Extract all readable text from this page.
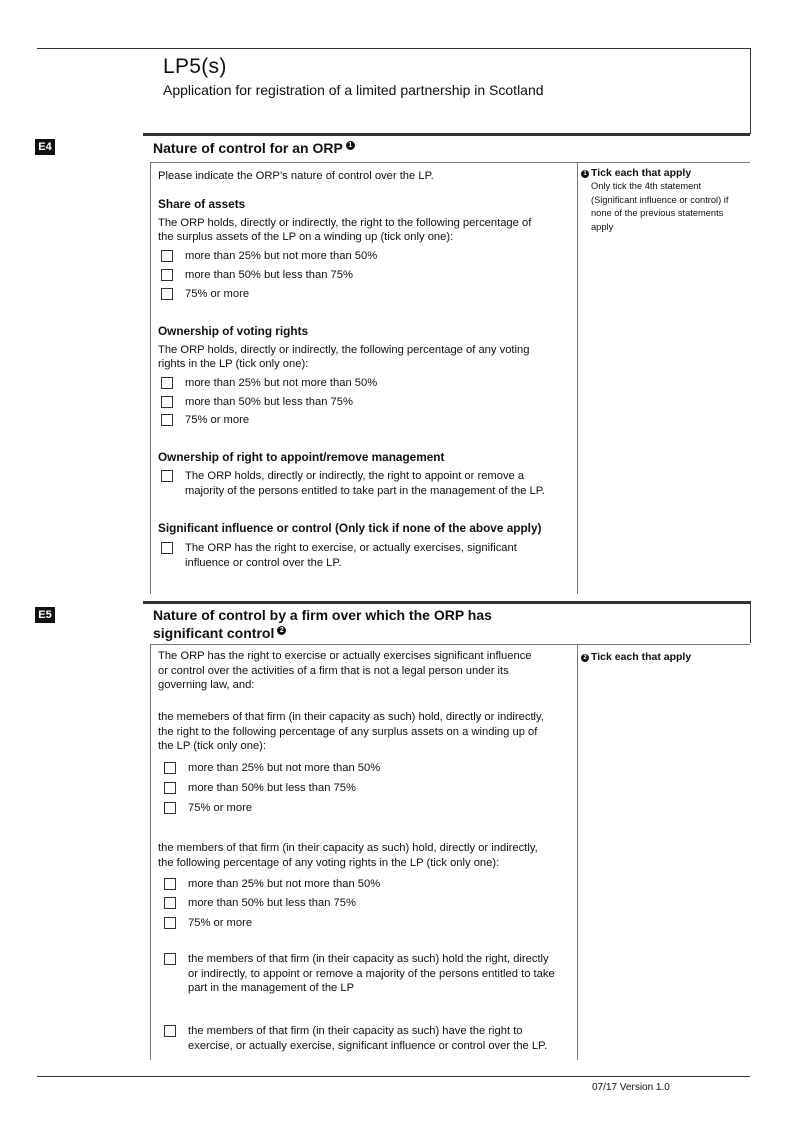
LP5(s)
Application for registration of a limited partnership in Scotland
E4	Nature of control for an ORP 1
Please indicate the ORP’s nature of control over the LP.
Share of assets
The ORP holds, directly or indirectly, the right to the following percentage of
the surplus assets of the LP on a winding up (tick only one):
more than 25% but not more than 50%
more than 50% but less than 75%
75% or more
Ownership of voting rights
The ORP holds, directly or indirectly, the following percentage of any voting
rights in the LP (tick only one):
more than 25% but not more than 50%
more than 50% but less than 75%
75% or more
Ownership of right to appoint/remove management
The ORP holds, directly or indirectly, the right to appoint or remove a
majority of the persons entitled to take part in the management of the LP.
Significant influence or control (Only tick if none of the above apply)
The ORP has the right to exercise, or actually exercises, significant
influence or control over the LP.
1 Tick each that apply
Only tick the 4th statement
(Significant influence or control) if
none of the previous statements
apply
E5	Nature of control by a firm over which the ORP has
significant control 2
The ORP has the right to exercise or actually exercises significant influence
or control over the activities of a firm that is not a legal person under its
governing law, and:
the memebers of that firm (in their capacity as such) hold, directly or indirectly,
the right to the following percentage of any surplus assets on a winding up of
the LP (tick only one):
more than 25% but not more than 50%
more than 50% but less than 75%
75% or more
the members of that firm (in their capacity as such) hold, directly or indirectly,
the following percentage of any voting rights in the LP (tick only one):
more than 25% but not more than 50%
more than 50% but less than 75%
75% or more
the members of that firm (in their capacity as such) hold the right, directly
or indirectly, to appoint or remove a majority of the persons entitled to take
part in the management of the LP
the members of that firm (in their capacity as such) have the right to
exercise, or actually exercise, significant influence or control over the LP.
2 Tick each that apply
07/17 Version 1.0
